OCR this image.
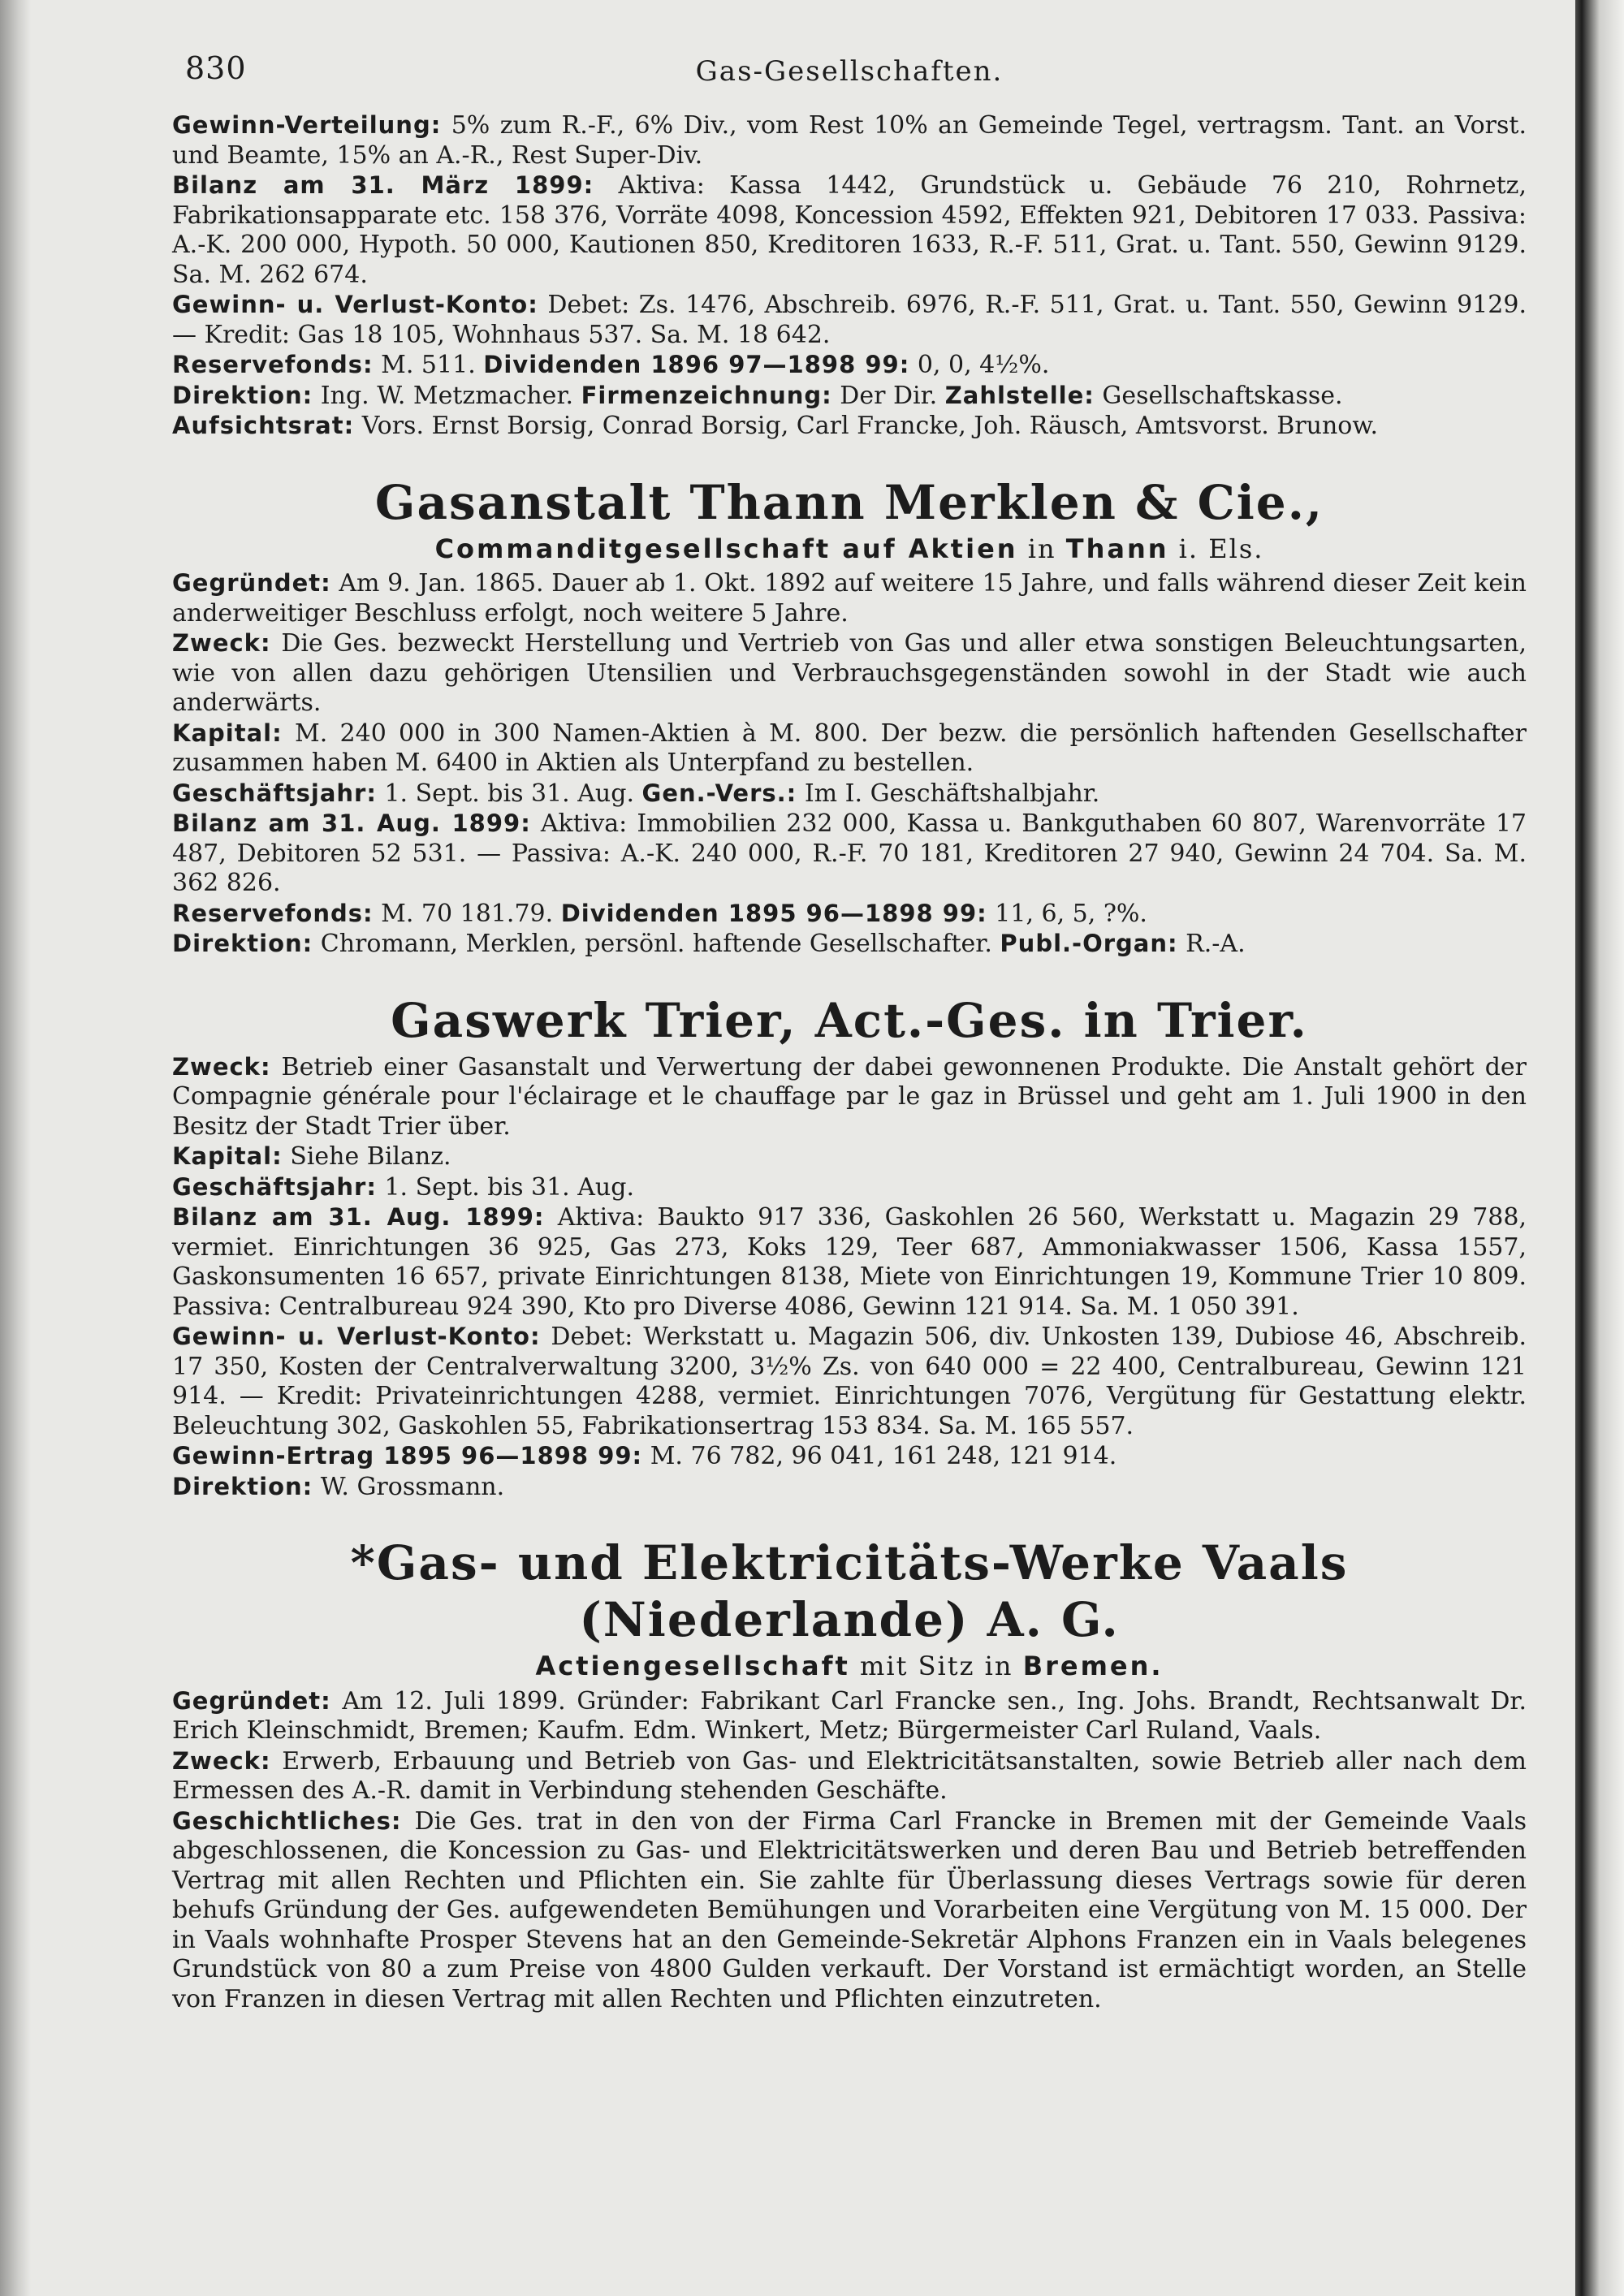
830	Gas-Gesellschaften.

Gewinn-Verteilung: 5% zum R.-F., 6% Div., vom Rest 10% an Gemeinde Tegel, vertragsm. Tant. an Vorst. und Beamte, 15% an A.-R., Rest Super-Div.

Bilanz am 31. März 1899: Aktiva: Kassa 1442, Grundstück u. Gebäude 76 210, Rohrnetz, Fabrikationsapparate etc. 158 376, Vorräte 4098, Koncession 4592, Effekten 921, Debitoren 17 033. Passiva: A.-K. 200 000, Hypoth. 50 000, Kautionen 850, Kreditoren 1633, R.-F. 511, Grat. u. Tant. 550, Gewinn 9129. Sa. M. 262 674.

Gewinn- u. Verlust-Konto: Debet: Zs. 1476, Abschreib. 6976, R.-F. 511, Grat. u. Tant. 550, Gewinn 9129. — Kredit: Gas 18 105, Wohnhaus 537. Sa. M. 18 642.

Reservefonds: M. 511. Dividenden 1896 97—1898 99: 0, 0, 4½%.

Direktion: Ing. W. Metzmacher. Firmenzeichnung: Der Dir. Zahlstelle: Gesellschaftskasse.

Aufsichtsrat: Vors. Ernst Borsig, Conrad Borsig, Carl Francke, Joh. Räusch, Amtsvorst. Brunow.

Gasanstalt Thann Merklen & Cie.,

Commanditgesellschaft auf Aktien in Thann i. Els.

Gegründet: Am 9. Jan. 1865. Dauer ab 1. Okt. 1892 auf weitere 15 Jahre, und falls während dieser Zeit kein anderweitiger Beschluss erfolgt, noch weitere 5 Jahre.

Zweck: Die Ges. bezweckt Herstellung und Vertrieb von Gas und aller etwa sonstigen Beleuchtungsarten, wie von allen dazu gehörigen Utensilien und Verbrauchsgegenständen sowohl in der Stadt wie auch anderwärts.

Kapital: M. 240 000 in 300 Namen-Aktien à M. 800. Der bezw. die persönlich haftenden Gesellschafter zusammen haben M. 6400 in Aktien als Unterpfand zu bestellen.

Geschäftsjahr: 1. Sept. bis 31. Aug. Gen.-Vers.: Im I. Geschäftshalbjahr.

Bilanz am 31. Aug. 1899: Aktiva: Immobilien 232 000, Kassa u. Bankguthaben 60 807, Warenvorräte 17 487, Debitoren 52 531. — Passiva: A.-K. 240 000, R.-F. 70 181, Kreditoren 27 940, Gewinn 24 704. Sa. M. 362 826.

Reservefonds: M. 70 181.79. Dividenden 1895 96—1898 99: 11, 6, 5, ?%.

Direktion: Chromann, Merklen, persönl. haftende Gesellschafter. Publ.-Organ: R.-A.

Gaswerk Trier, Act.-Ges. in Trier.

Zweck: Betrieb einer Gasanstalt und Verwertung der dabei gewonnenen Produkte. Die Anstalt gehört der Compagnie générale pour l'éclairage et le chauffage par le gaz in Brüssel und geht am 1. Juli 1900 in den Besitz der Stadt Trier über.

Kapital: Siehe Bilanz.

Geschäftsjahr: 1. Sept. bis 31. Aug.

Bilanz am 31. Aug. 1899: Aktiva: Baukto 917 336, Gaskohlen 26 560, Werkstatt u. Magazin 29 788, vermiet. Einrichtungen 36 925, Gas 273, Koks 129, Teer 687, Ammoniakwasser 1506, Kassa 1557, Gaskonsumenten 16 657, private Einrichtungen 8138, Miete von Einrichtungen 19, Kommune Trier 10 809. Passiva: Centralbureau 924 390, Kto pro Diverse 4086, Gewinn 121 914. Sa. M. 1 050 391.

Gewinn- u. Verlust-Konto: Debet: Werkstatt u. Magazin 506, div. Unkosten 139, Dubiose 46, Abschreib. 17 350, Kosten der Centralverwaltung 3200, 3½% Zs. von 640 000 = 22 400, Centralbureau, Gewinn 121 914. — Kredit: Privateinrichtungen 4288, vermiet. Einrichtungen 7076, Vergütung für Gestattung elektr. Beleuchtung 302, Gaskohlen 55, Fabrikationsertrag 153 834. Sa. M. 165 557.

Gewinn-Ertrag 1895 96—1898 99: M. 76 782, 96 041, 161 248, 121 914.

Direktion: W. Grossmann.

*Gas- und Elektricitäts-Werke Vaals (Niederlande) A. G.

Actiengesellschaft mit Sitz in Bremen.

Gegründet: Am 12. Juli 1899. Gründer: Fabrikant Carl Francke sen., Ing. Johs. Brandt, Rechtsanwalt Dr. Erich Kleinschmidt, Bremen; Kaufm. Edm. Winkert, Metz; Bürgermeister Carl Ruland, Vaals.

Zweck: Erwerb, Erbauung und Betrieb von Gas- und Elektricitätsanstalten, sowie Betrieb aller nach dem Ermessen des A.-R. damit in Verbindung stehenden Geschäfte.

Geschichtliches: Die Ges. trat in den von der Firma Carl Francke in Bremen mit der Gemeinde Vaals abgeschlossenen, die Koncession zu Gas- und Elektricitätswerken und deren Bau und Betrieb betreffenden Vertrag mit allen Rechten und Pflichten ein. Sie zahlte für Überlassung dieses Vertrags sowie für deren behufs Gründung der Ges. aufgewendeten Bemühungen und Vorarbeiten eine Vergütung von M. 15 000. Der in Vaals wohnhafte Prosper Stevens hat an den Gemeinde-Sekretär Alphons Franzen ein in Vaals belegenes Grundstück von 80 a zum Preise von 4800 Gulden verkauft. Der Vorstand ist ermächtigt worden, an Stelle von Franzen in diesen Vertrag mit allen Rechten und Pflichten einzutreten.
